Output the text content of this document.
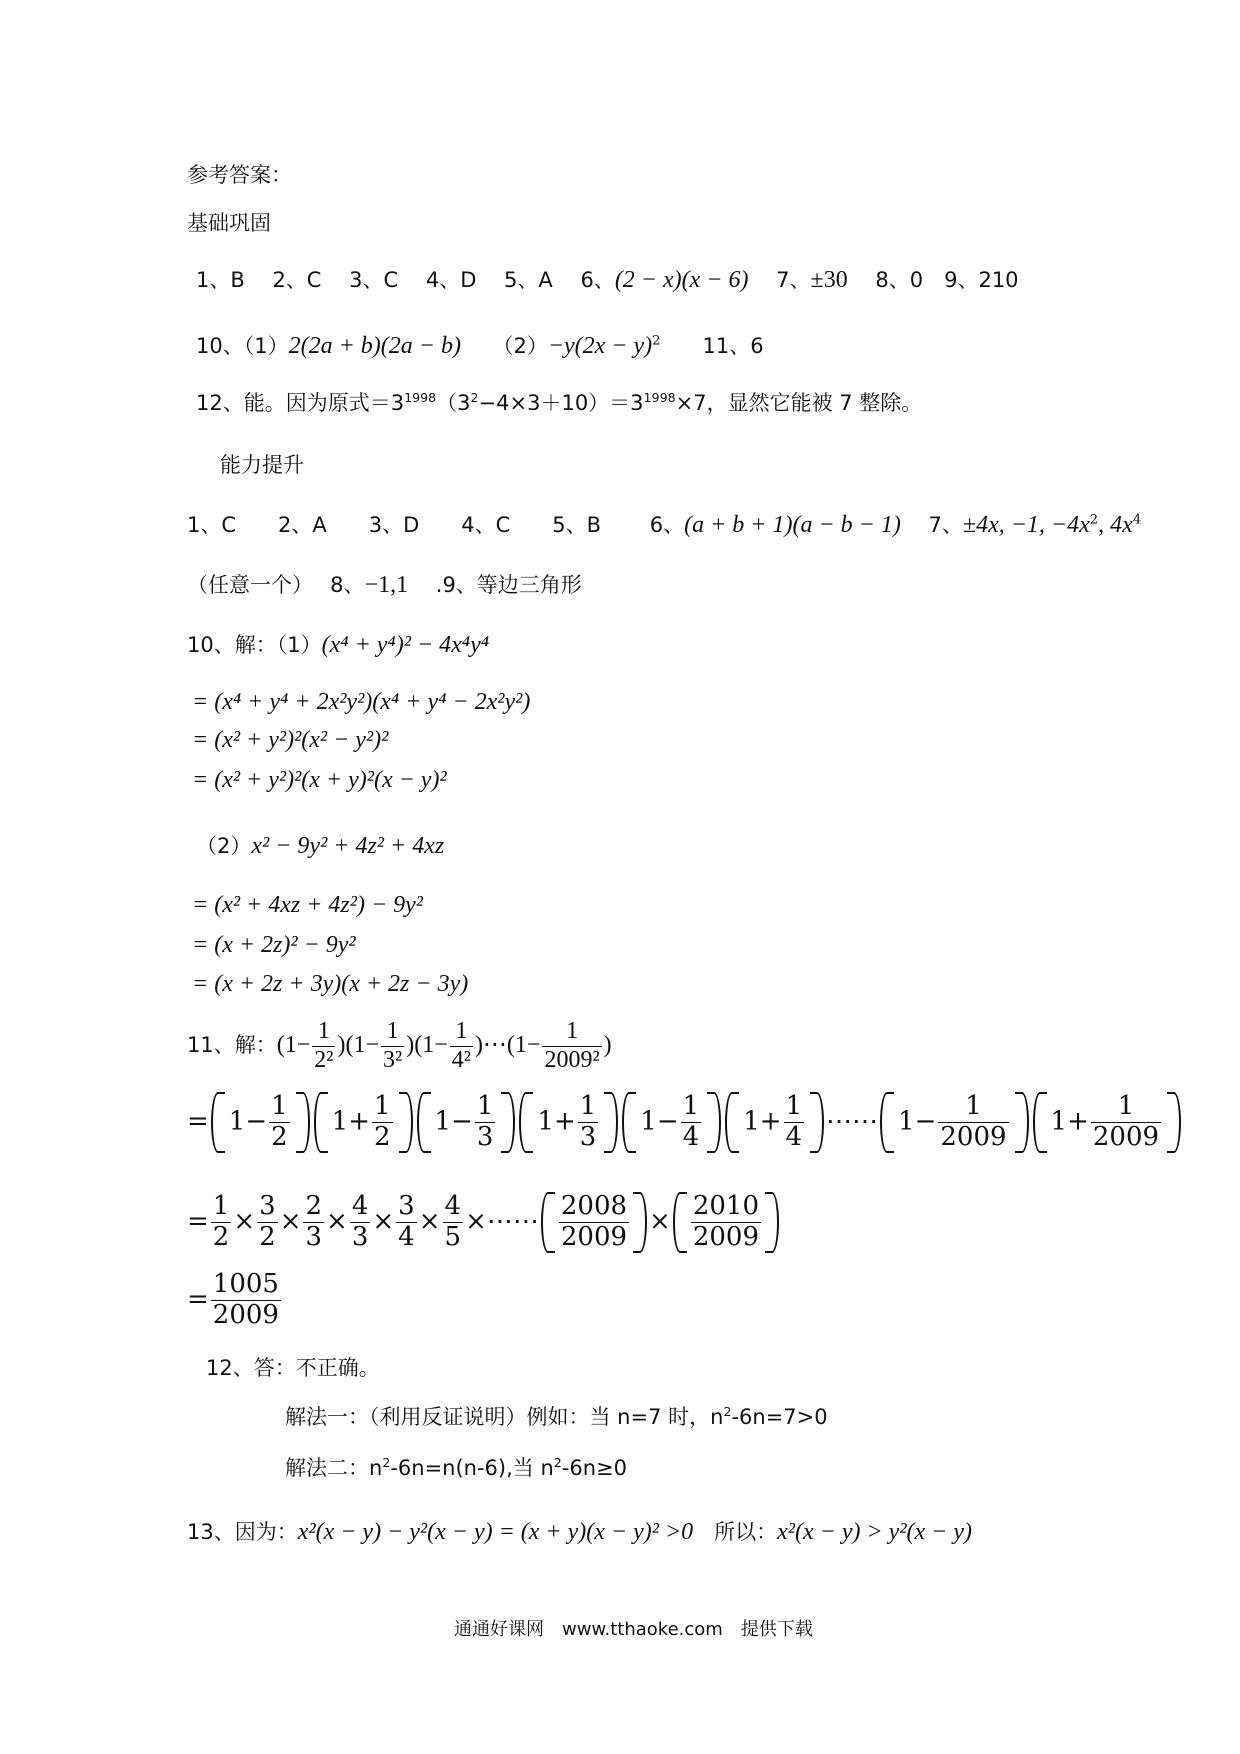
参考答案：
基础巩固
1、B　 2、C　 3、C　 4、D　 5、A　 6、(2 − x)(x − 6)　 7、±30　 8、0　9、210
10、（1）2(2a + b)(2a − b)　　$(2)-y(2x - y)^2$　　11、6
12、能。因为原式$=3^{1998}(3^2-4\times 3+10)=3^{1998}\times 7$，显然它能被 7 整除。
能力提升
1、C　　2、A　　3、D　　4、C　　5、B　　 6、(a + b + 1)(a − b − 1)　 7、±4x, −1, $-4x^2$, $4x^4$
（任意一个）　 8、−1,1　 .9、等边三角形
10、解：（1）(x⁴ + y⁴)² − 4x⁴y⁴
= (x⁴ + y⁴ + 2x²y²)(x⁴ + y⁴ − 2x²y²)
= (x² + y²)²(x² − y²)²
= (x² + y²)²(x + y)²(x − y)²
（2）x² − 9y² + 4z² + 4xz
= (x² + 4xz + 4z²) − 9y²
= (x + 2z)² − 9y²
= (x + 2z + 3y)(x + 2z − 3y)
11、解：$(1- \frac{1}{\text{2²}} )(1- \frac{1}{\text{3²}} )(1- \frac{1}{\text{4²}}$ )⋯(1− $\frac{1}{\text{2009²}}$ )
= $1- \frac{1}{2} 1+ \frac{1}{2} 1- \frac{1}{3} 1+ \frac{1}{3} 1- \frac{1}{4} 1+ \frac{1}{4}$ ⋯⋯ $1- \frac{1}{2009} 1+ \frac{1}{2009}$
= $\frac{1}{2} \times \frac{3}{2} \times \frac{2}{3} \times \frac{4}{3} \times \frac{3}{4} \times \frac{4}{5}$ ×⋯⋯ $\frac{2008}{2009} \times \frac{2010}{2009}$
= $\frac{1005}{2009}$
12、答：不正确。
解法一：（利用反证说明）例如：当 n=7 时，$n^2-6n=7>0$
解法二：$n^2-6n=n(n-6)$,当 $n^2-6n\ge 0$
13、因为：x²(x − y) − y²(x − y) = (x + y)(x − y)² >0　所以：x²(x − y) > y²(x − y)
通通好课网　www.tthaoke.com　提供下载
